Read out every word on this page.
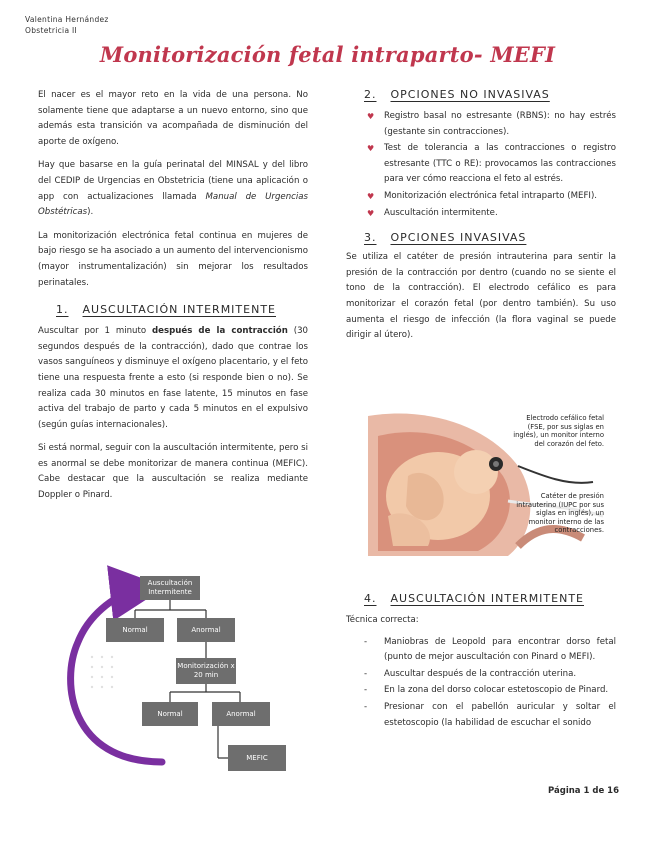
Valentina Hernández
Obstetricia II
Monitorización fetal intraparto- MEFI

El nacer es el mayor reto en la vida de una persona. No solamente tiene que adaptarse a un nuevo entorno, sino que además esta transición va acompañada de disminución del aporte de oxígeno.

Hay que basarse en la guía perinatal del MINSAL y del libro del CEDIP de Urgencias en Obstetricia (tiene una aplicación o app con actualizaciones llamada Manual de Urgencias Obstétricas).

La monitorización electrónica fetal continua en mujeres de bajo riesgo se ha asociado a un aumento del intervencionismo (mayor instrumentalización) sin mejorar los resultados perinatales.

1. AUSCULTACIÓN INTERMITENTE

Auscultar por 1 minuto después de la contracción (30 segundos después de la contracción), dado que contrae los vasos sanguíneos y disminuye el oxígeno placentario, y el feto tiene una respuesta frente a esto (si responde bien o no). Se realiza cada 30 minutos en fase latente, 15 minutos en fase activa del trabajo de parto y cada 5 minutos en el expulsivo (según guías internacionales).

Si está normal, seguir con la auscultación intermitente, pero si es anormal se debe monitorizar de manera continua (MEFIC). Cabe destacar que la auscultación se realiza mediante Doppler o Pinard.

Auscultación Intermitente
Normal	Anormal
Monitorización x 20 min
Normal	Anormal
MEFIC
2. OPCIONES NO INVASIVAS
♥ Registro basal no estresante (RBNS): no hay estrés (gestante sin contracciones).
♥ Test de tolerancia a las contracciones o registro estresante (TTC o RE): provocamos las contracciones para ver cómo reacciona el feto al estrés.
♥ Monitorización electrónica fetal intraparto (MEFI).
♥ Auscultación intermitente.
3. OPCIONES INVASIVAS

Se utiliza el catéter de presión intrauterina para sentir la presión de la contracción por dentro (cuando no se siente el tono de la contracción). El electrodo cefálico es para monitorizar el corazón fetal (por dentro también). Su uso aumenta el riesgo de infección (la flora vaginal se puede dirigir al útero).

Electrodo cefálico fetal (FSE, por sus siglas en inglés), un monitor interno del corazón del feto.
Catéter de presión intrauterino (IUPC por sus siglas en inglés), un monitor interno de las contracciones.
4. AUSCULTACIÓN INTERMITENTE

Técnica correcta:

- Maniobras de Leopold para encontrar dorso fetal (punto de mejor auscultación con Pinard o MEFI).
- Auscultar después de la contracción uterina.
- En la zona del dorso colocar estetoscopio de Pinard.
- Presionar con el pabellón auricular y soltar el estetoscopio (la habilidad de escuchar el sonido
Página 1 de 16
